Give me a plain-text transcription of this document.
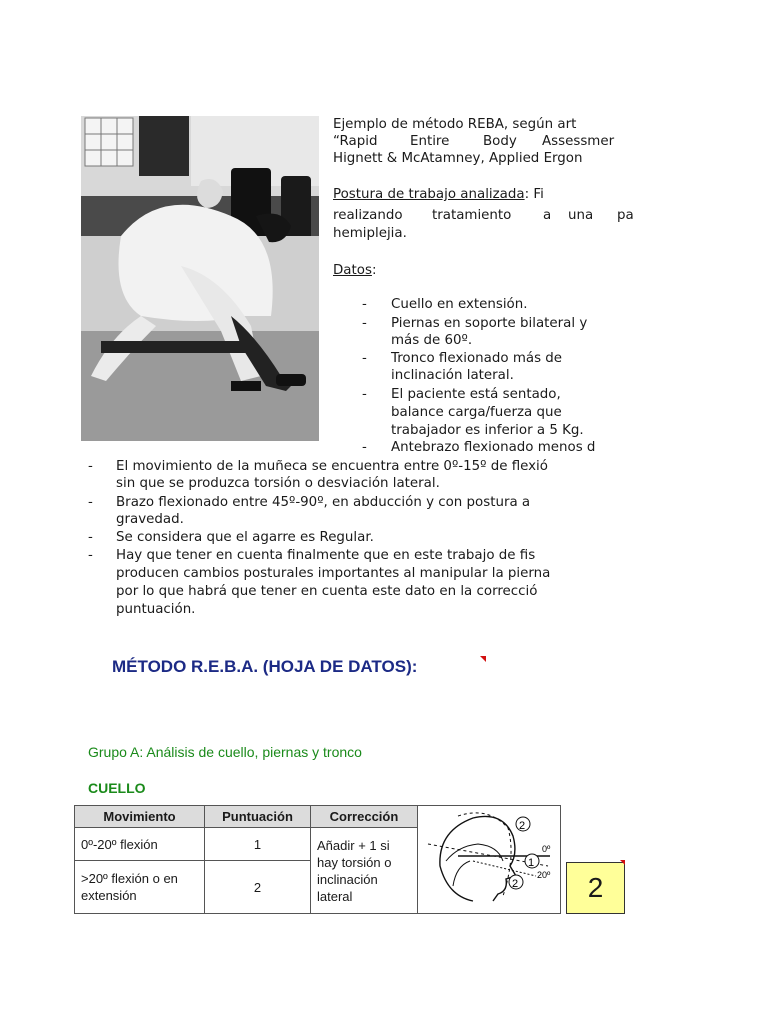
Ejemplo de método REBA, según art
“Rapid Entire	Body Assessmer
Hignett & McAtamney, Applied Ergon
Postura de trabajo analizada: Fi
realizando tratamiento a una pa
hemiplejia.
Datos:
- Cuello en extensión.
- Piernas en soporte bilateral y
más de 60º.
- Tronco flexionado más de
inclinación lateral.
- El paciente está sentado,
balance carga/fuerza que
trabajador es inferior a 5 Kg.
- Antebrazo flexionado menos d
- El movimiento de la muñeca se encuentra entre 0º-15º de flexió
sin que se produzca torsión o desviación lateral.
- Brazo flexionado entre 45º-90º, en abducción y con postura a
gravedad.
- Se considera que el agarre es Regular.
- Hay que tener en cuenta finalmente que en este trabajo de fis
producen cambios posturales importantes al manipular la pierna
por lo que habrá que tener en cuenta este dato en la correcció
puntuación.
MÉTODO R.E.B.A. (HOJA DE DATOS):
Grupo A: Análisis de cuello, piernas y tronco
CUELLO
Movimiento	Puntuación	Corrección	2
1
2
0º
20º

0º-20º flexión	1	Añadir + 1 si hay torsión o inclinación lateral	
>20º flexión o en extensión	2			2
